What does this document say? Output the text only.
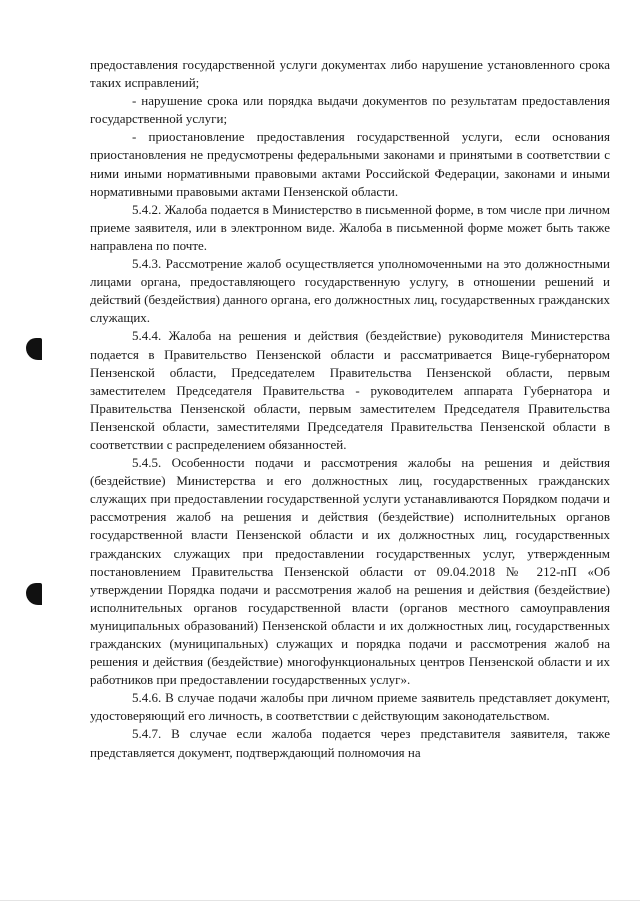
предоставления государственной услуги документах либо нарушение установленного срока таких исправлений;

- нарушение срока или порядка выдачи документов по результатам предоставления государственной услуги;

- приостановление предоставления государственной услуги, если основания приостановления не предусмотрены федеральными законами и принятыми в соответствии с ними иными нормативными правовыми актами Российской Федерации, законами и иными нормативными правовыми актами Пензенской области.

5.4.2. Жалоба подается в Министерство в письменной форме, в том числе при личном приеме заявителя, или в электронном виде. Жалоба в письменной форме может быть также направлена по почте.

5.4.3. Рассмотрение жалоб осуществляется уполномоченными на это должностными лицами органа, предоставляющего государственную услугу, в отношении решений и действий (бездействия) данного органа, его должностных лиц, государственных гражданских служащих.

5.4.4. Жалоба на решения и действия (бездействие) руководителя Министерства подается в Правительство Пензенской области и рассматривается Вице-губернатором Пензенской области, Председателем Правительства Пензенской области, первым заместителем Председателя Правительства - руководителем аппарата Губернатора и Правительства Пензенской области, первым заместителем Председателя Правительства Пензенской области, заместителями Председателя Правительства Пензенской области в соответствии с распределением обязанностей.

5.4.5. Особенности подачи и рассмотрения жалобы на решения и действия (бездействие) Министерства и его должностных лиц, государственных гражданских служащих при предоставлении государственной услуги устанавливаются Порядком подачи и рассмотрения жалоб на решения и действия (бездействие) исполнительных органов государственной власти Пензенской области и их должностных лиц, государственных гражданских служащих при предоставлении государственных услуг, утвержденным постановлением Правительства Пензенской области от 09.04.2018 № 212-пП «Об утверждении Порядка подачи и рассмотрения жалоб на решения и действия (бездействие) исполнительных органов государственной власти (органов местного самоуправления муниципальных образований) Пензенской области и их должностных лиц, государственных гражданских (муниципальных) служащих и порядка подачи и рассмотрения жалоб на решения и действия (бездействие) многофункциональных центров Пензенской области и их работников при предоставлении государственных услуг».

5.4.6. В случае подачи жалобы при личном приеме заявитель представляет документ, удостоверяющий его личность, в соответствии с действующим законодательством.

5.4.7. В случае если жалоба подается через представителя заявителя, также представляется документ, подтверждающий полномочия на
